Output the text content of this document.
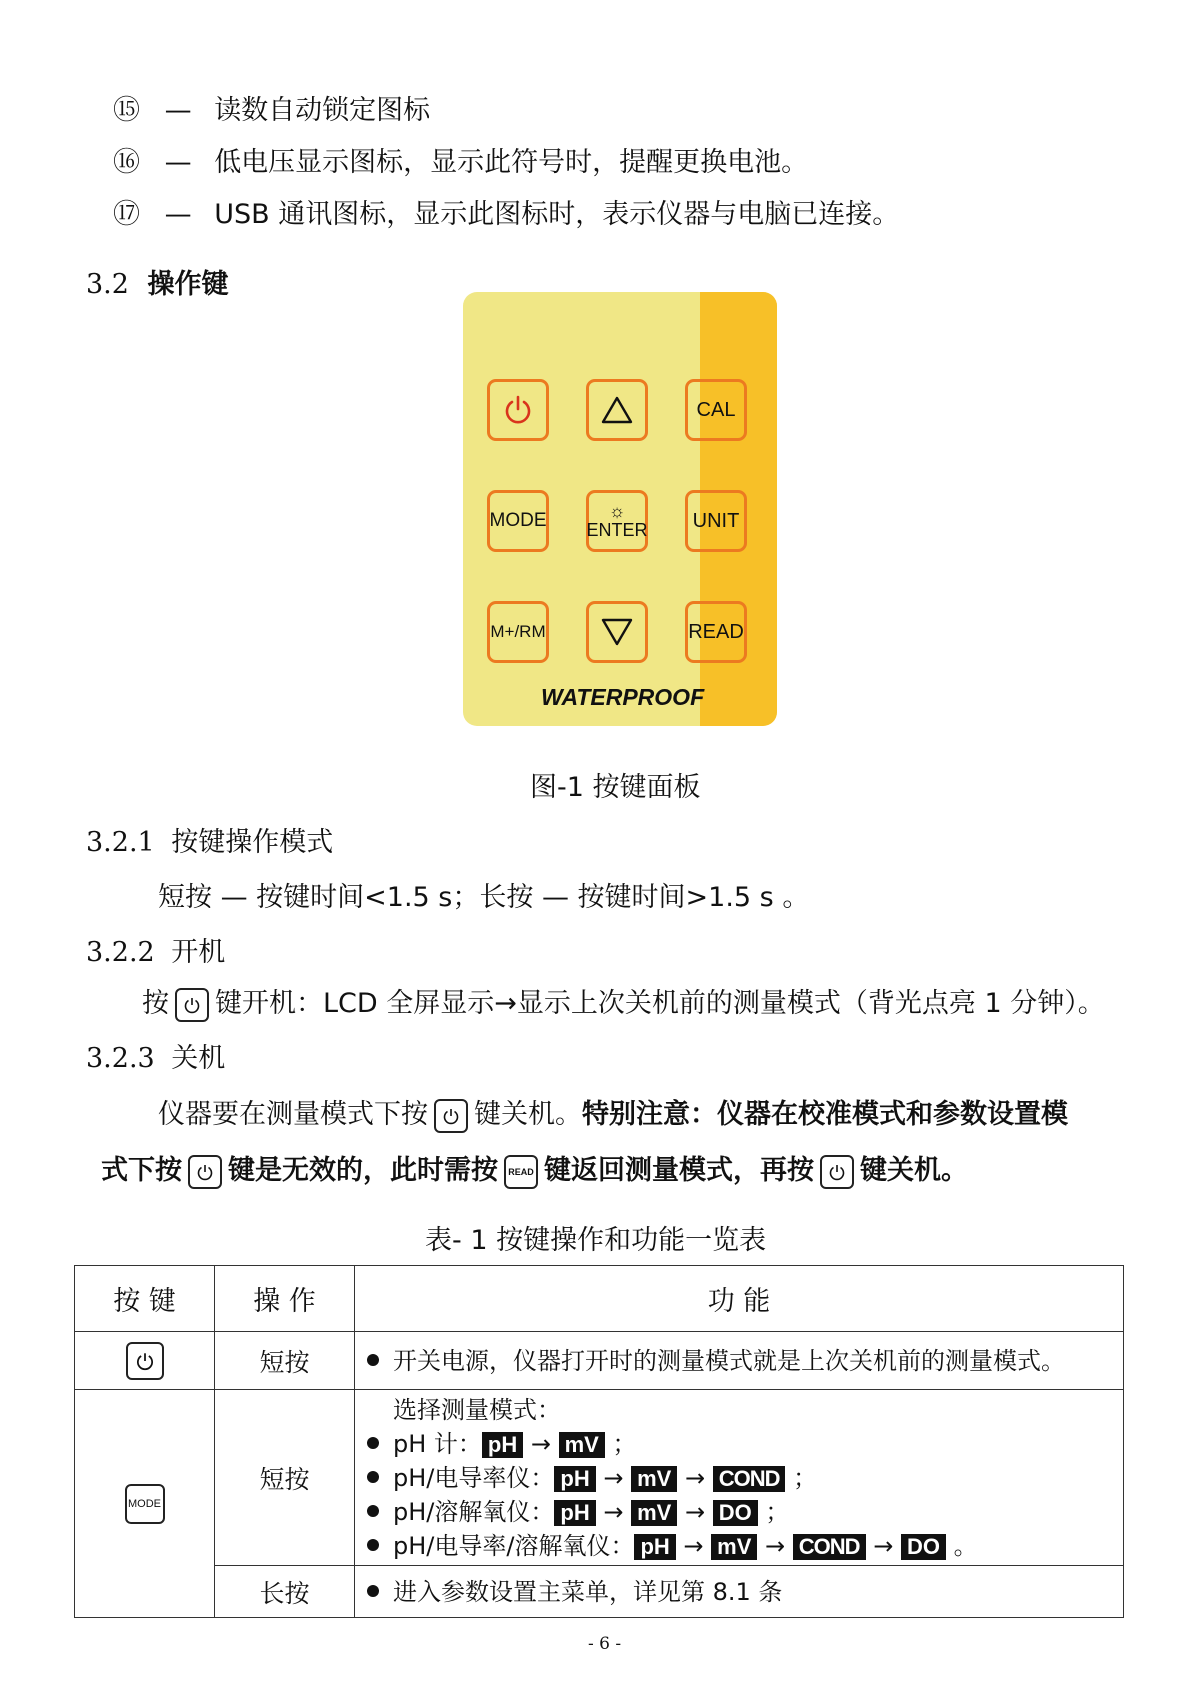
⑮ — 读数自动锁定图标
⑯ — 低电压显示图标，显示此符号时，提醒更换电池。
⑰ — USB 通讯图标，显示此图标时，表示仪器与电脑已连接。
3.2 操作键
CAL
MODE	☼
ENTER UNIT
M+/RM	READ
WATERPROOF
图-1 按键面板
3.2.1 按键操作模式
短按 — 按键时间<1.5 s；长按 — 按键时间>1.5 s 。
3.2.2 开机
按 键开机：LCD 全屏显示→显示上次关机前的测量模式（背光点亮 1 分钟）。
3.2.3 关机
仪器要在测量模式下按 键关机。特别注意：仪器在校准模式和参数设置模
式下按 键是无效的，此时需按 READ 键返回测量模式，再按 键关机。
表- 1 按键操作和功能一览表
按 键	操 作	功 能

	短按	开关电源，仪器打开时的测量模式就是上次关机前的测量模式。

MODE	短按	选择测量模式：
pH 计： pH → mV ；
pH/电导率仪： pH → mV → COND ；
pH/溶解氧仪： pH → mV → DO ；
pH/电导率/溶解氧仪： pH → mV → COND → DO 。

	长按	进入参数设置主菜单，详见第 8.1 条
- 6 -
